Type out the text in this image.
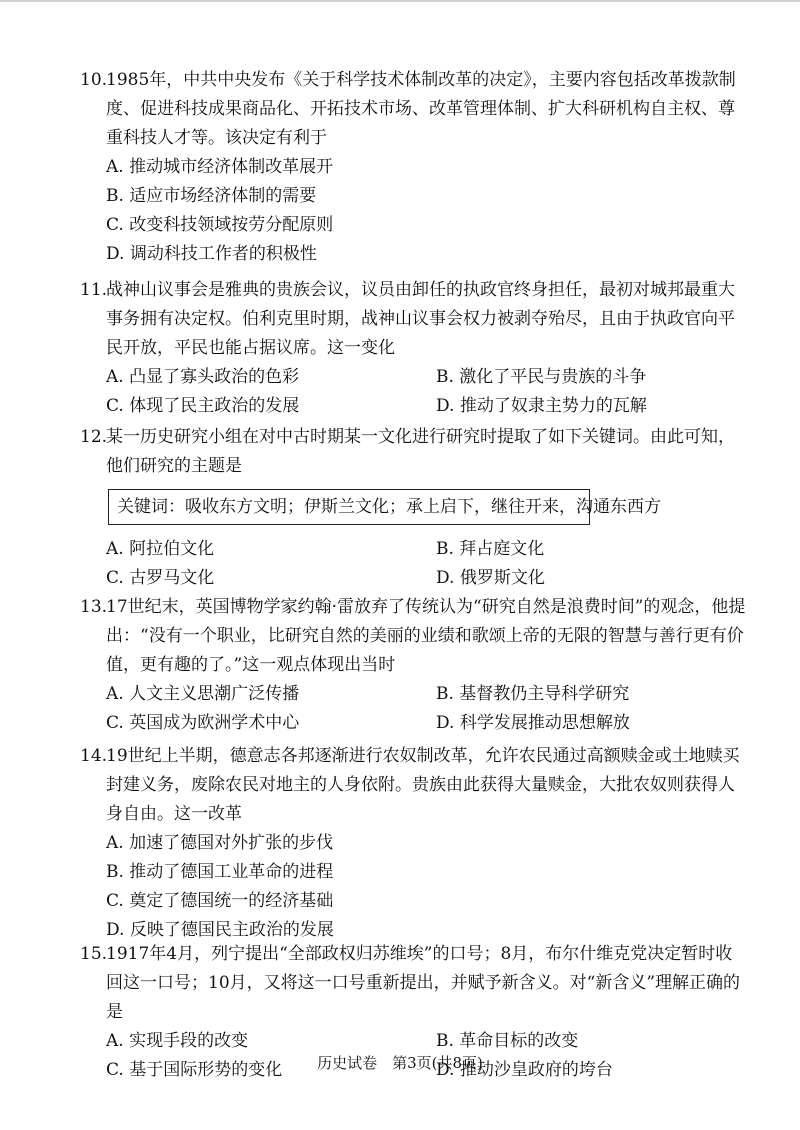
10.1985年，中共中央发布《关于科学技术体制改革的决定》，主要内容包括改革拨款制度、促进科技成果商品化、开拓技术市场、改革管理体制、扩大科研机构自主权、尊重科技人才等。该决定有利于
A. 推动城市经济体制改革展开
B. 适应市场经济体制的需要
C. 改变科技领域按劳分配原则
D. 调动科技工作者的积极性
11.战神山议事会是雅典的贵族会议，议员由卸任的执政官终身担任，最初对城邦最重大事务拥有决定权。伯利克里时期，战神山议事会权力被剥夺殆尽，且由于执政官向平民开放，平民也能占据议席。这一变化
A. 凸显了寡头政治的色彩	B. 激化了平民与贵族的斗争
C. 体现了民主政治的发展	D. 推动了奴隶主势力的瓦解
12.某一历史研究小组在对中古时期某一文化进行研究时提取了如下关键词。由此可知，他们研究的主题是
关键词：吸收东方文明；伊斯兰文化；承上启下，继往开来，沟通东西方
A. 阿拉伯文化	B. 拜占庭文化
C. 古罗马文化	D. 俄罗斯文化
13.17世纪末，英国博物学家约翰·雷放弃了传统认为“研究自然是浪费时间”的观念，他提出：“没有一个职业，比研究自然的美丽的业绩和歌颂上帝的无限的智慧与善行更有价值，更有趣的了。”这一观点体现出当时
A. 人文主义思潮广泛传播	B. 基督教仍主导科学研究
C. 英国成为欧洲学术中心	D. 科学发展推动思想解放
14.19世纪上半期，德意志各邦逐渐进行农奴制改革，允许农民通过高额赎金或土地赎买封建义务，废除农民对地主的人身依附。贵族由此获得大量赎金，大批农奴则获得人身自由。这一改革
A. 加速了德国对外扩张的步伐
B. 推动了德国工业革命的进程
C. 奠定了德国统一的经济基础
D. 反映了德国民主政治的发展
15.1917年4月，列宁提出“全部政权归苏维埃”的口号；8月，布尔什维克党决定暂时收回这一口号；10月，又将这一口号重新提出，并赋予新含义。对“新含义”理解正确的是
A. 实现手段的改变	B. 革命目标的改变
C. 基于国际形势的变化	D. 推动沙皇政府的垮台
历史试卷　第3页(共8页)
